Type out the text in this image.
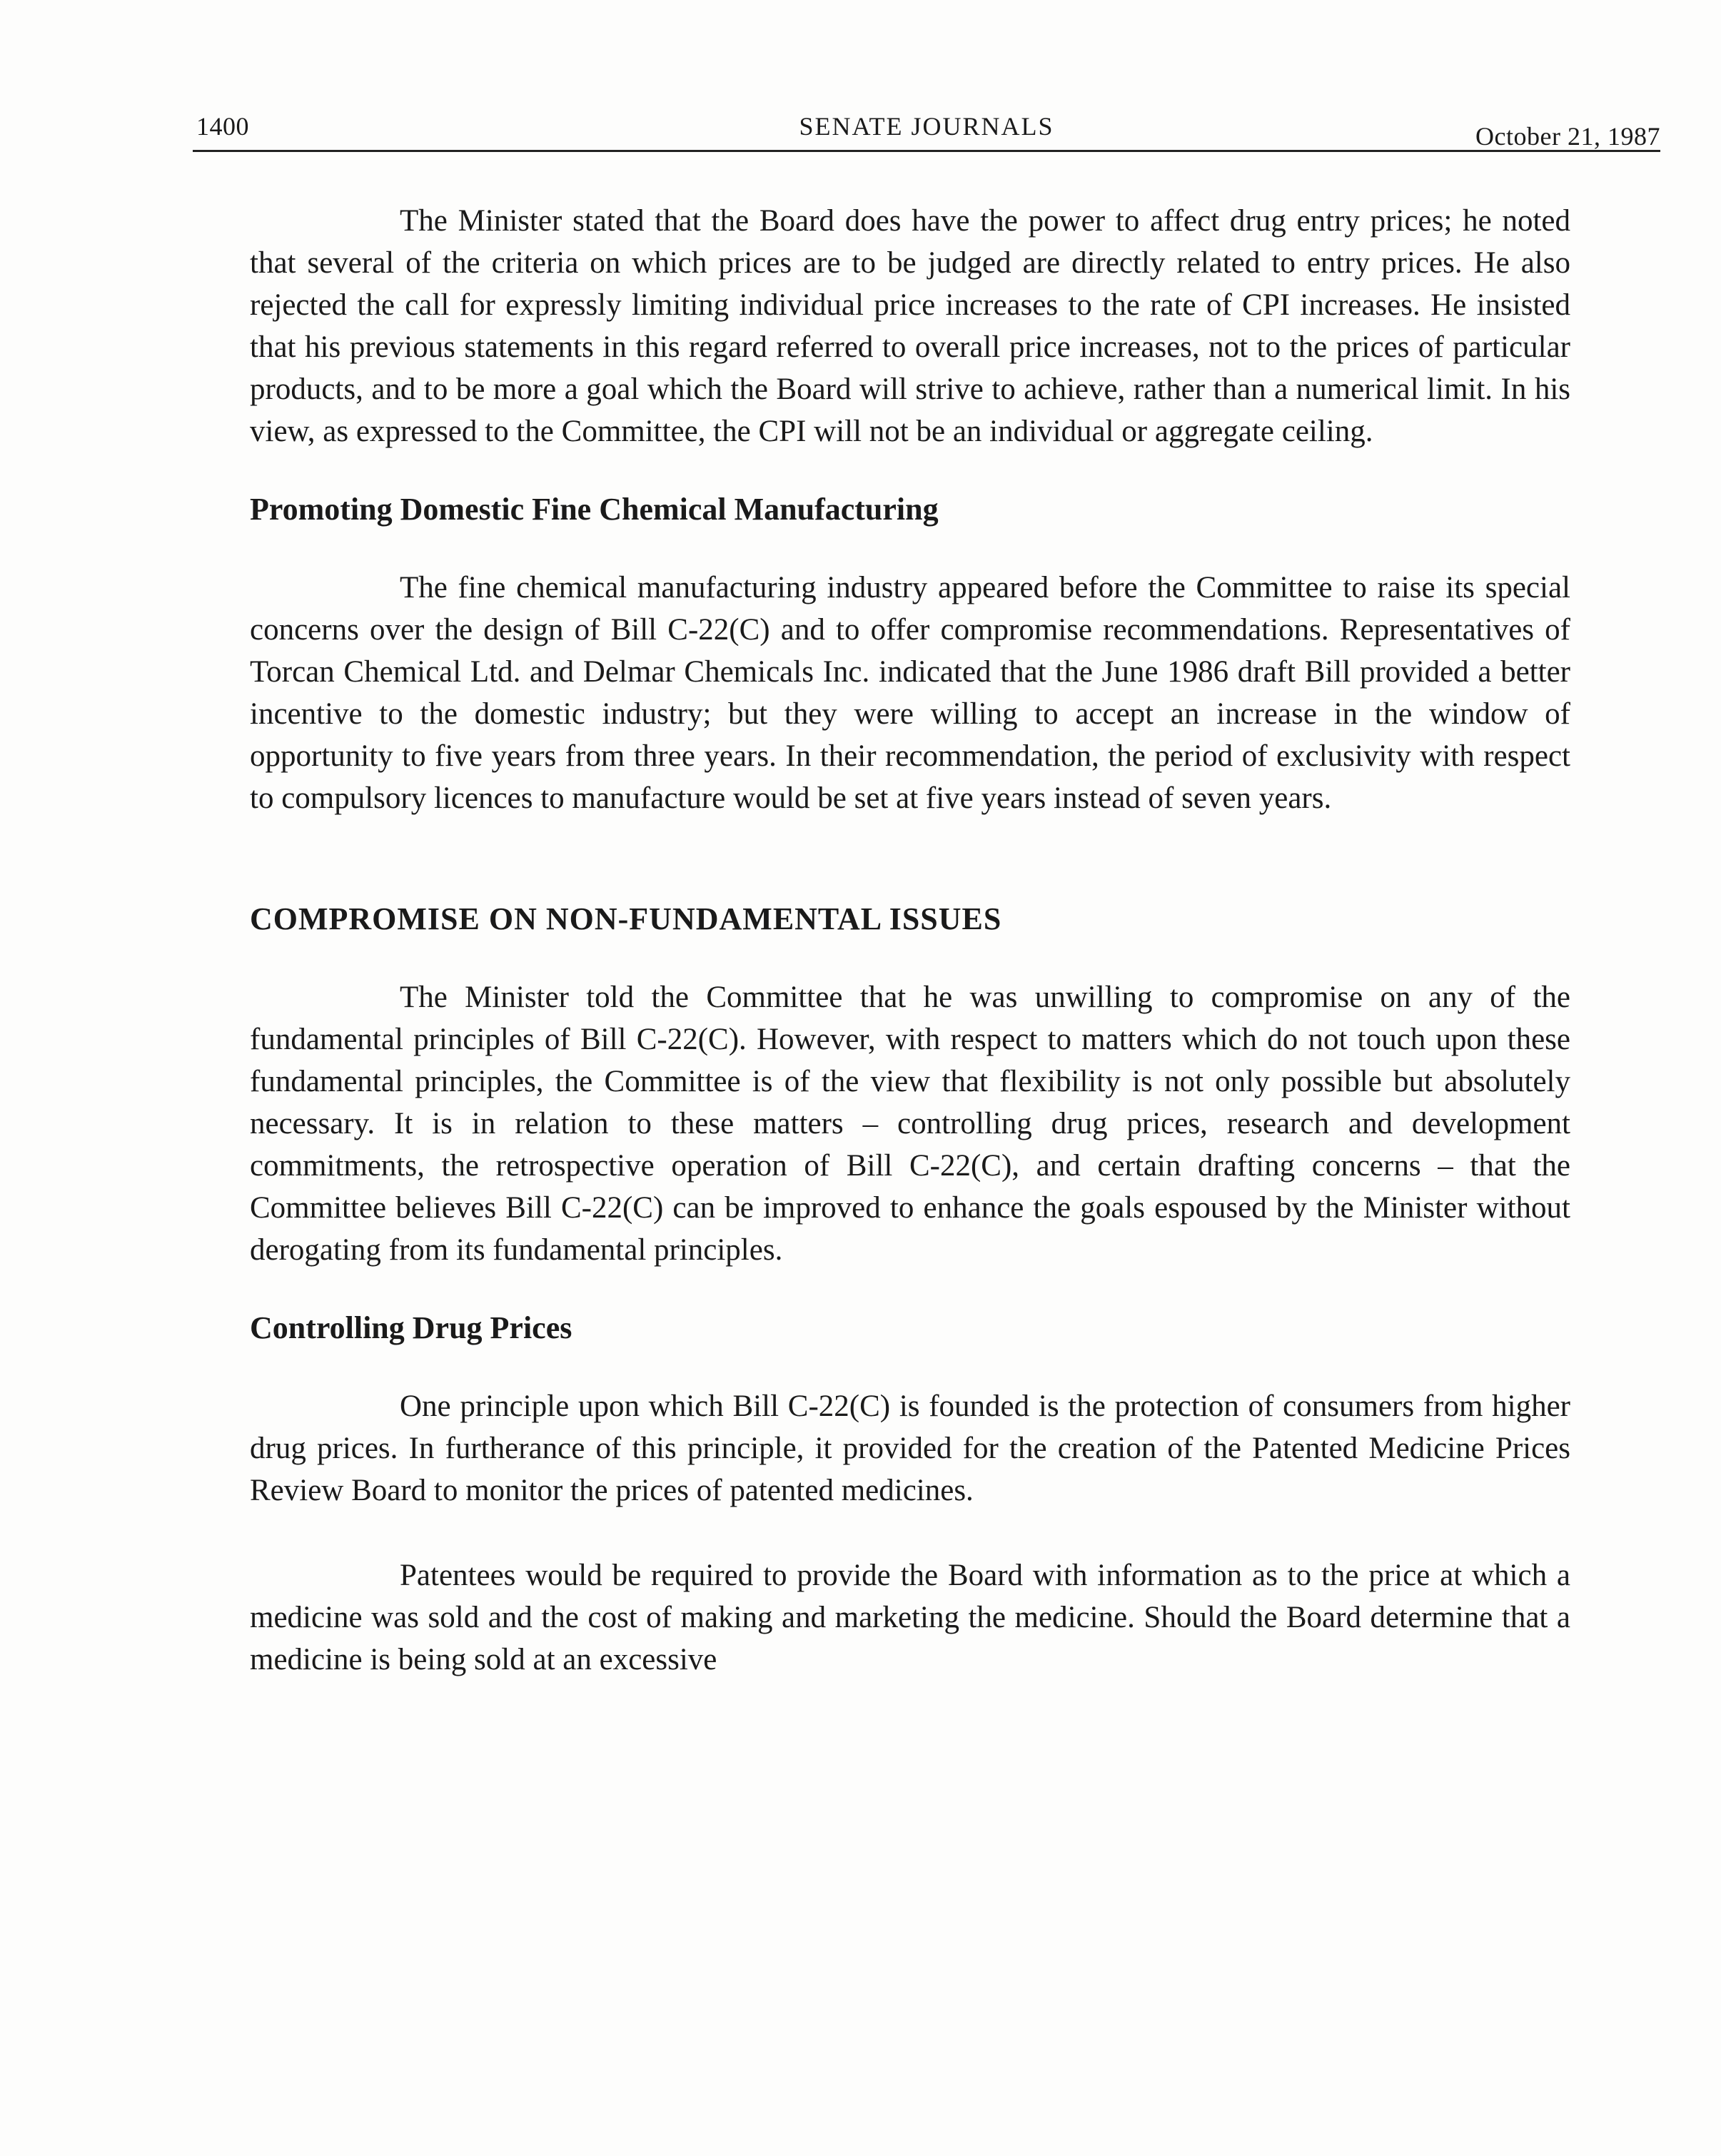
1400	SENATE JOURNALS	October 21, 1987

The Minister stated that the Board does have the power to affect drug entry prices; he noted that several of the criteria on which prices are to be judged are directly related to entry prices. He also rejected the call for expressly limiting individual price increases to the rate of CPI increases. He insisted that his previous statements in this regard referred to overall price increases, not to the prices of particular products, and to be more a goal which the Board will strive to achieve, rather than a numerical limit. In his view, as expressed to the Committee, the CPI will not be an individual or aggregate ceiling.

Promoting Domestic Fine Chemical Manufacturing

The fine chemical manufacturing industry appeared before the Committee to raise its special concerns over the design of Bill C-22(C) and to offer compromise recommendations. Representatives of Torcan Chemical Ltd. and Delmar Chemicals Inc. indicated that the June 1986 draft Bill provided a better incentive to the domestic industry; but they were willing to accept an increase in the window of opportunity to five years from three years. In their recommendation, the period of exclusivity with respect to compulsory licences to manufacture would be set at five years instead of seven years.

COMPROMISE ON NON-FUNDAMENTAL ISSUES

The Minister told the Committee that he was unwilling to compromise on any of the fundamental principles of Bill C-22(C). However, with respect to matters which do not touch upon these fundamental principles, the Committee is of the view that flexibility is not only possible but absolutely necessary. It is in relation to these matters – controlling drug prices, research and development commitments, the retrospective operation of Bill C-22(C), and certain drafting concerns – that the Committee believes Bill C-22(C) can be improved to enhance the goals espoused by the Minister without derogating from its fundamental principles.

Controlling Drug Prices

One principle upon which Bill C-22(C) is founded is the protection of consumers from higher drug prices. In furtherance of this principle, it provided for the creation of the Patented Medicine Prices Review Board to monitor the prices of patented medicines.

Patentees would be required to provide the Board with information as to the price at which a medicine was sold and the cost of making and marketing the medicine. Should the Board determine that a medicine is being sold at an excessive
